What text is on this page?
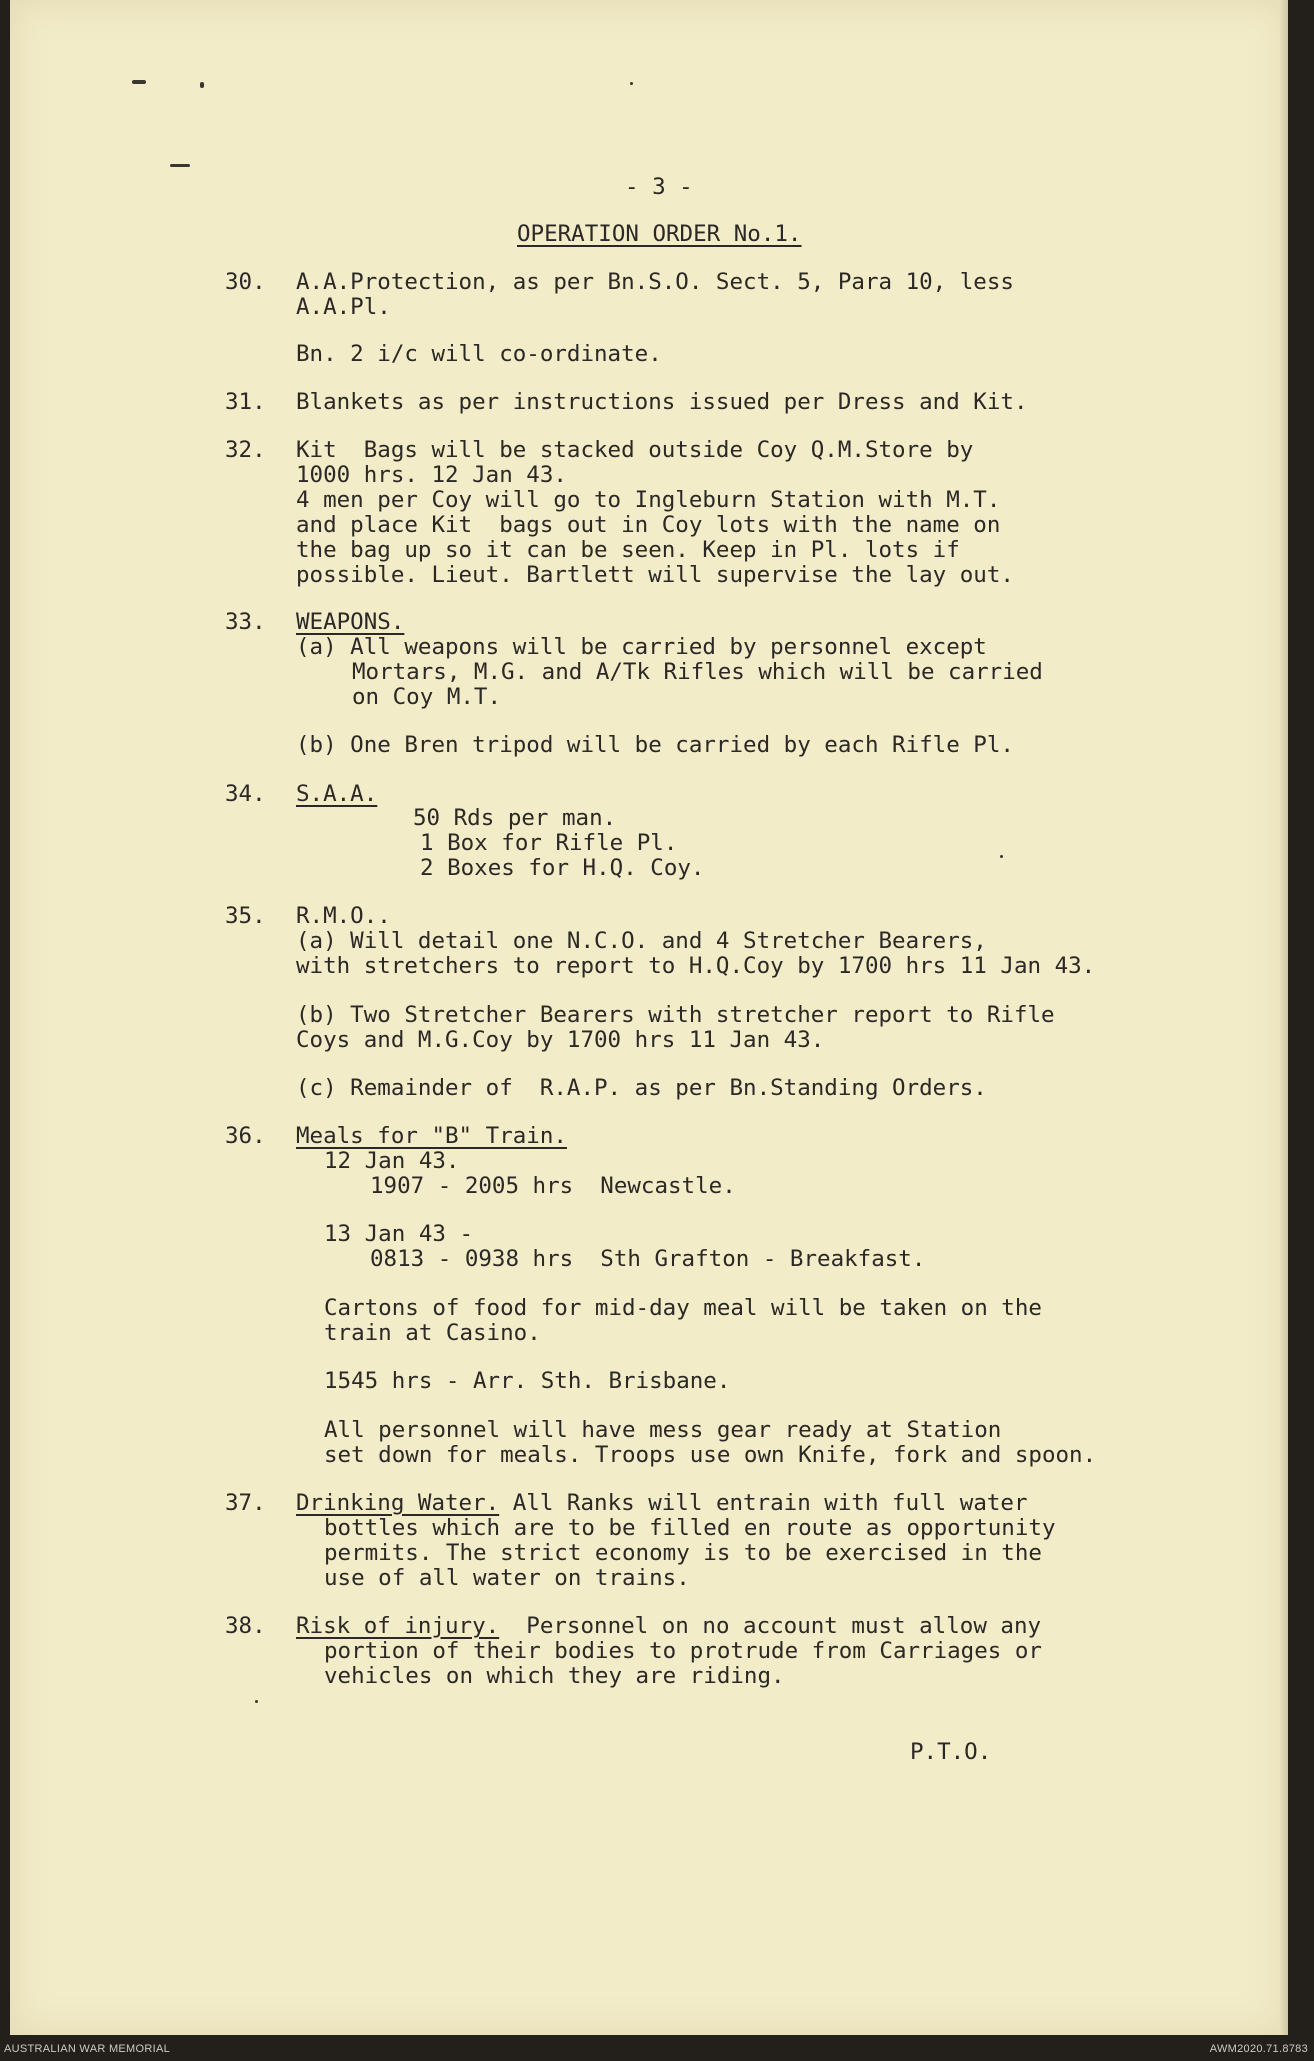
- 3 -
OPERATION ORDER No.1.
30. A.A.Protection, as per Bn.S.O. Sect. 5, Para 10, less
A.A.Pl.
Bn. 2 i/c will co-ordinate.
31. Blankets as per instructions issued per Dress and Kit.
32. Kit  Bags will be stacked outside Coy Q.M.Store by
1000 hrs. 12 Jan 43.
4 men per Coy will go to Ingleburn Station with M.T.
and place Kit  bags out in Coy lots with the name on
the bag up so it can be seen. Keep in Pl. lots if
possible. Lieut. Bartlett will supervise the lay out.
33. WEAPONS.
(a) All weapons will be carried by personnel except
Mortars, M.G. and A/Tk Rifles which will be carried
on Coy M.T.
(b) One Bren tripod will be carried by each Rifle Pl.
34. S.A.A.
50 Rds per man.
1 Box for Rifle Pl.
2 Boxes for H.Q. Coy.
35. R.M.O..
(a) Will detail one N.C.O. and 4 Stretcher Bearers,
with stretchers to report to H.Q.Coy by 1700 hrs 11 Jan 43.
(b) Two Stretcher Bearers with stretcher report to Rifle
Coys and M.G.Coy by 1700 hrs 11 Jan 43.
(c) Remainder of  R.A.P. as per Bn.Standing Orders.
36. Meals for "B" Train.
12 Jan 43.
1907 - 2005 hrs  Newcastle.
13 Jan 43 -
0813 - 0938 hrs  Sth Grafton - Breakfast.
Cartons of food for mid-day meal will be taken on the
train at Casino.
1545 hrs - Arr. Sth. Brisbane.
All personnel will have mess gear ready at Station
set down for meals. Troops use own Knife, fork and spoon.
37. Drinking Water. All Ranks will entrain with full water
bottles which are to be filled en route as opportunity
permits. The strict economy is to be exercised in the
use of all water on trains.
38. Risk of injury.  Personnel on no account must allow any
portion of their bodies to protrude from Carriages or
vehicles on which they are riding.
P.T.O.
AUSTRALIAN WAR MEMORIAL	AWM2020.71.8783
